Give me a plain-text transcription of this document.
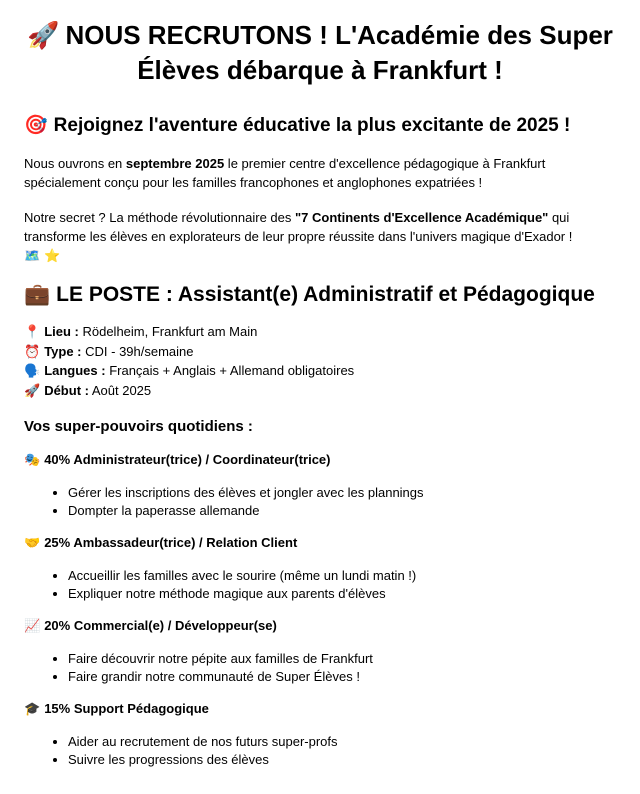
🚀 NOUS RECRUTONS ! L'Académie des Super Élèves débarque à Frankfurt !
🎯 Rejoignez l'aventure éducative la plus excitante de 2025 !

Nous ouvrons en septembre 2025 le premier centre d'excellence pédagogique à Frankfurt spécialement conçu pour les familles francophones et anglophones expatriées !

Notre secret ? La méthode révolutionnaire des "7 Continents d'Excellence Académique" qui transforme les élèves en explorateurs de leur propre réussite dans l'univers magique d'Exador !
🗺️ ⭐

💼 LE POSTE : Assistant(e) Administratif et Pédagogique
📍 Lieu : Rödelheim, Frankfurt am Main
⏰ Type : CDI - 39h/semaine
🗣️ Langues : Français + Anglais + Allemand obligatoires
🚀 Début : Août 2025
Vos super-pouvoirs quotidiens :
🎭 40% Administrateur(trice) / Coordinateur(trice)
• Gérer les inscriptions des élèves et jongler avec les plannings
• Dompter la paperasse allemande
🤝 25% Ambassadeur(trice) / Relation Client
• Accueillir les familles avec le sourire (même un lundi matin !)
• Expliquer notre méthode magique aux parents d'élèves
📈 20% Commercial(e) / Développeur(se)
• Faire découvrir notre pépite aux familles de Frankfurt
• Faire grandir notre communauté de Super Élèves !
🎓 15% Support Pédagogique
• Aider au recrutement de nos futurs super-profs
• Suivre les progressions des élèves
